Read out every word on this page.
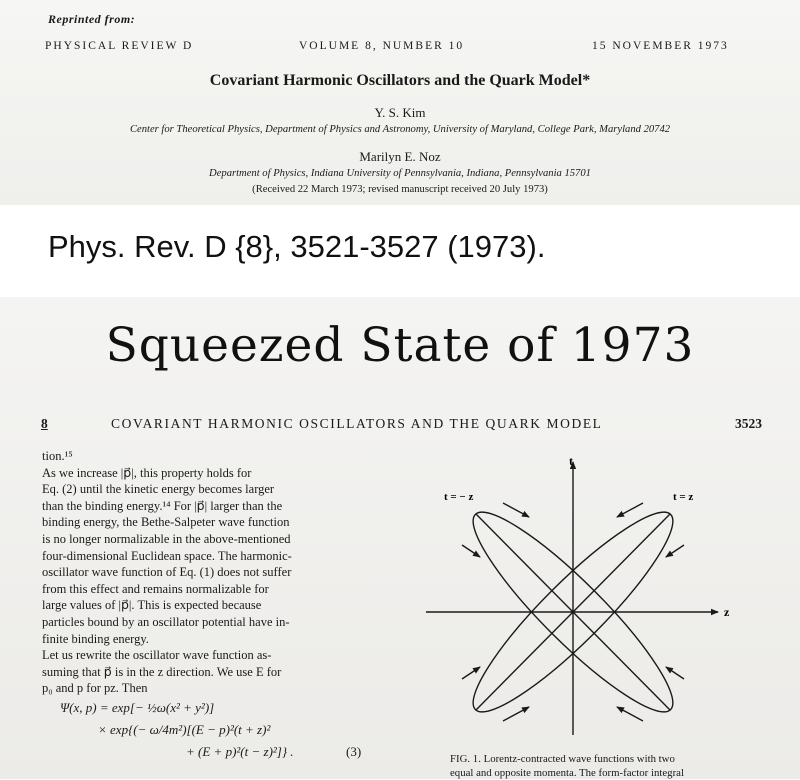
Reprinted from:

PHYSICAL REVIEW D	VOLUME 8, NUMBER 10	15 NOVEMBER 1973

Covariant Harmonic Oscillators and the Quark Model*

Y. S. Kim

Center for Theoretical Physics, Department of Physics and Astronomy, University of Maryland, College Park, Maryland 20742

Marilyn E. Noz

Department of Physics, Indiana University of Pennsylvania, Indiana, Pennsylvania 15701

(Received 22 March 1973; revised manuscript received 20 July 1973)

Phys. Rev. D {8}, 3521-3527 (1973).

Squeezed State of 1973

8	COVARIANT HARMONIC OSCILLATORS AND THE QUARK MODEL	3523

tion.¹⁵
As we increase |p⃗|, this property holds for
Eq. (2) until the kinetic energy becomes larger
than the binding energy.¹⁴ For |p⃗| larger than the
binding energy, the Bethe-Salpeter wave function
is no longer normalizable in the above-mentioned
four-dimensional Euclidean space. The harmonic-
oscillator wave function of Eq. (1) does not suffer
from this effect and remains normalizable for
large values of |p⃗|. This is expected because
particles bound by an oscillator potential have in-
finite binding energy.
Let us rewrite the oscillator wave function as-
suming that p⃗ is in the z direction. We use E for
p₀ and p for pᴢ. Then
Ψ(x, p) = exp[− ½ω(x² + y²)]
× exp{(− ω/4m²)[(E − p)²(t + z)²
+ (E + p)²(t − z)²]} .	(3)
t = − z	t = z
t
z
FIG. 1. Lorentz-contracted wave functions with two
equal and opposite momenta. The form-factor integral
